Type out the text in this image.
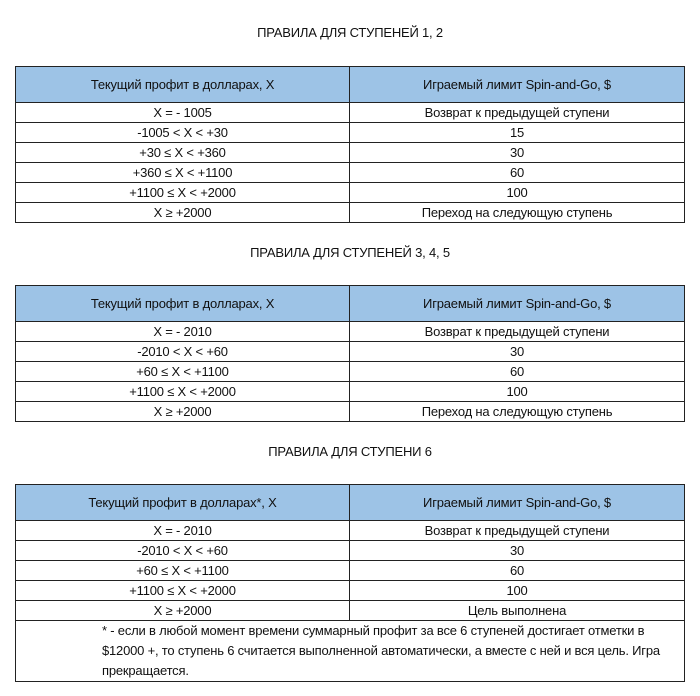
ПРАВИЛА ДЛЯ СТУПЕНЕЙ 1, 2
Текущий профит в долларах, X	Играемый лимит Spin-and-Go, $
X = - 1005	Возврат к предыдущей ступени
-1005 < X < +30	15
+30 ≤ X < +360	30
+360 ≤ X < +1100	60
+1100 ≤ X < +2000	100
X ≥ +2000	Переход на следующую ступень
ПРАВИЛА ДЛЯ СТУПЕНЕЙ 3, 4, 5
Текущий профит в долларах, X	Играемый лимит Spin-and-Go, $
X = - 2010	Возврат к предыдущей ступени
-2010 < X < +60	30
+60 ≤ X < +1100	60
+1100 ≤ X < +2000	100
X ≥ +2000	Переход на следующую ступень
ПРАВИЛА ДЛЯ СТУПЕНИ 6
Текущий профит в долларах*, X	Играемый лимит Spin-and-Go, $
X = - 2010	Возврат к предыдущей ступени
-2010 < X < +60	30
+60 ≤ X < +1100	60
+1100 ≤ X < +2000	100
X ≥ +2000	Цель выполнена
* - если в любой момент времени суммарный профит за все 6 ступеней достигает отметки в $12000 +, то ступень 6 считается выполненной автоматически, а вместе с ней и вся цель. Игра прекращается.	
